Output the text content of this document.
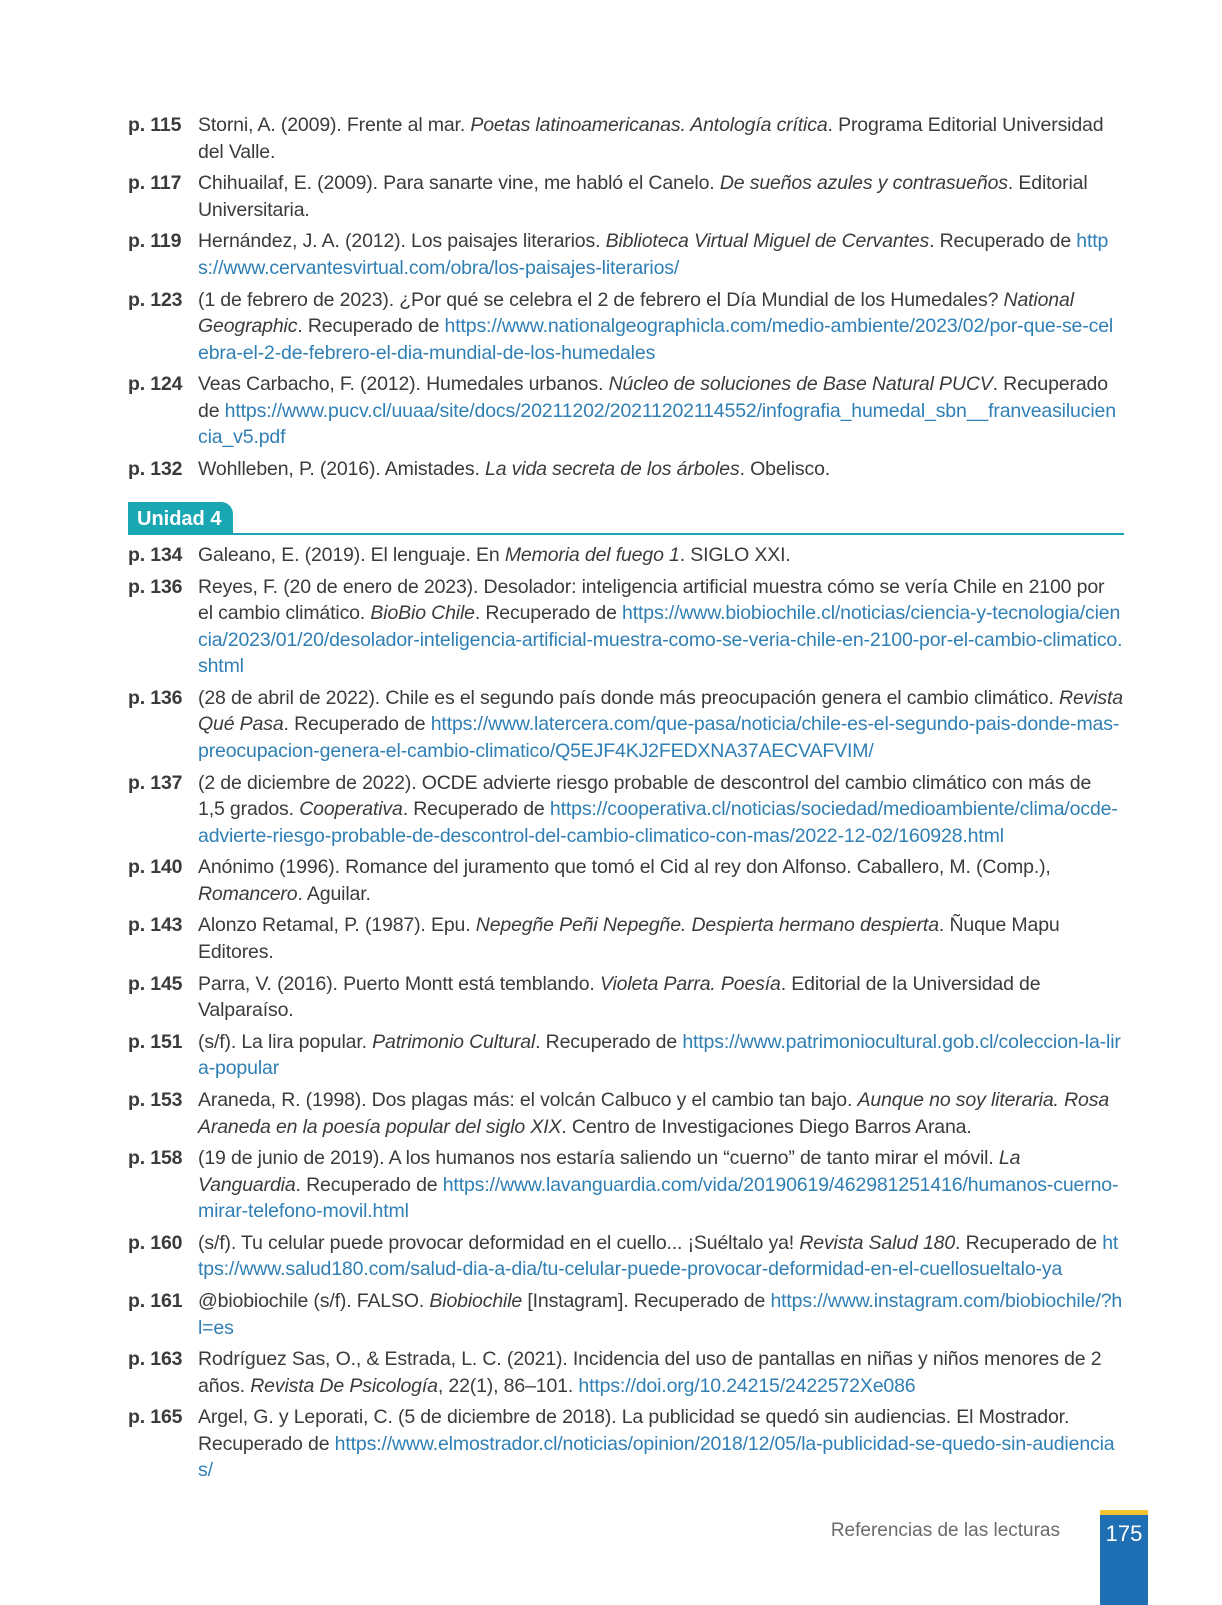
p. 115 Storni, A. (2009). Frente al mar. Poetas latinoamericanas. Antología crítica. Programa Editorial Universidad del Valle.
p. 117 Chihuailaf, E. (2009). Para sanarte vine, me habló el Canelo. De sueños azules y contrasueños. Editorial Universitaria.
p. 119 Hernández, J. A. (2012). Los paisajes literarios. Biblioteca Virtual Miguel de Cervantes. Recuperado de https://www.cervantesvirtual.com/obra/los-paisajes-literarios/
p. 123 (1 de febrero de 2023). ¿Por qué se celebra el 2 de febrero el Día Mundial de los Humedales? National Geographic. Recuperado de https://www.nationalgeographicla.com/medio-ambiente/2023/02/por-que-se-celebra-el-2-de-febrero-el-dia-mundial-de-los-humedales
p. 124 Veas Carbacho, F. (2012). Humedales urbanos. Núcleo de soluciones de Base Natural PUCV. Recuperado de https://www.pucv.cl/uuaa/site/docs/20211202/20211202114552/infografia_humedal_sbn__franveasiluciencia_v5.pdf
p. 132 Wohlleben, P. (2016). Amistades. La vida secreta de los árboles. Obelisco.
Unidad 4
p. 134 Galeano, E. (2019). El lenguaje. En Memoria del fuego 1. SIGLO XXI.
p. 136 Reyes, F. (20 de enero de 2023). Desolador: inteligencia artificial muestra cómo se vería Chile en 2100 por el cambio climático. BioBio Chile. Recuperado de https://www.biobiochile.cl/noticias/ciencia-y-tecnologia/ciencia/2023/01/20/desolador-inteligencia-artificial-muestra-como-se-veria-chile-en-2100-por-el-cambio-climatico.shtml
p. 136 (28 de abril de 2022). Chile es el segundo país donde más preocupación genera el cambio climático. Revista Qué Pasa. Recuperado de https://www.latercera.com/que-pasa/noticia/chile-es-el-segundo-pais-donde-mas-preocupacion-genera-el-cambio-climatico/Q5EJF4KJ2FEDXNA37AECVAFVIM/
p. 137 (2 de diciembre de 2022). OCDE advierte riesgo probable de descontrol del cambio climático con más de 1,5 grados. Cooperativa. Recuperado de https://cooperativa.cl/noticias/sociedad/medioambiente/clima/ocde-advierte-riesgo-probable-de-descontrol-del-cambio-climatico-con-mas/2022-12-02/160928.html
p. 140 Anónimo (1996). Romance del juramento que tomó el Cid al rey don Alfonso. Caballero, M. (Comp.), Romancero. Aguilar.
p. 143 Alonzo Retamal, P. (1987). Epu. Nepegñe Peñi Nepegñe. Despierta hermano despierta. Ñuque Mapu Editores.
p. 145 Parra, V. (2016). Puerto Montt está temblando. Violeta Parra. Poesía. Editorial de la Universidad de Valparaíso.
p. 151 (s/f). La lira popular. Patrimonio Cultural. Recuperado de https://www.patrimoniocultural.gob.cl/coleccion-la-lira-popular
p. 153 Araneda, R. (1998). Dos plagas más: el volcán Calbuco y el cambio tan bajo. Aunque no soy literaria. Rosa Araneda en la poesía popular del siglo XIX. Centro de Investigaciones Diego Barros Arana.
p. 158 (19 de junio de 2019). A los humanos nos estaría saliendo un “cuerno” de tanto mirar el móvil. La Vanguardia. Recuperado de https://www.lavanguardia.com/vida/20190619/462981251416/humanos-cuerno-mirar-telefono-movil.html
p. 160 (s/f). Tu celular puede provocar deformidad en el cuello... ¡Suéltalo ya! Revista Salud 180. Recuperado de https://www.salud180.com/salud-dia-a-dia/tu-celular-puede-provocar-deformidad-en-el-cuellosueltalo-ya
p. 161 @biobiochile (s/f). FALSO. Biobiochile [Instagram]. Recuperado de https://www.instagram.com/biobiochile/?hl=es
p. 163 Rodríguez Sas, O., & Estrada, L. C. (2021). Incidencia del uso de pantallas en niñas y niños menores de 2 años. Revista De Psicología, 22(1), 86–101. https://doi.org/10.24215/2422572Xe086
p. 165 Argel, G. y Leporati, C. (5 de diciembre de 2018). La publicidad se quedó sin audiencias. El Mostrador. Recuperado de https://www.elmostrador.cl/noticias/opinion/2018/12/05/la-publicidad-se-quedo-sin-audiencias/
Referencias de las lecturas 175
